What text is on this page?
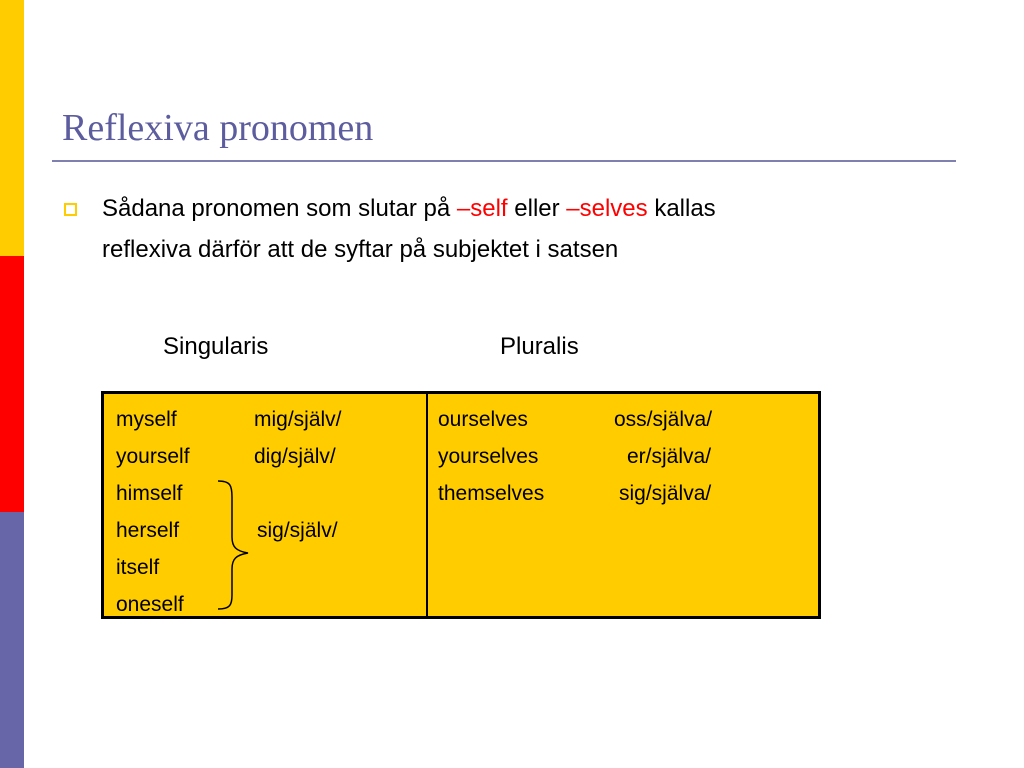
Reflexiva pronomen

Sådana pronomen som slutar på –self eller –selves kallas
reflexiva därför att de syftar på subjektet i satsen

Singularis	Pluralis
myself	mig/själv/
yourself	dig/själv/
himself
herself	sig/själv/
itself
oneself
ourselves	oss/själva/
yourselves	er/själva/
themselves	sig/själva/
